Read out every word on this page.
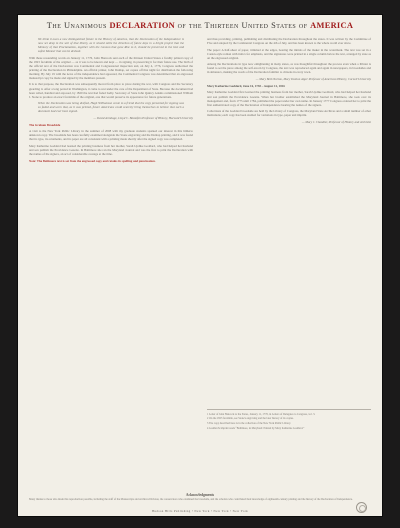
The Unanimous DECLARATION of the Thirteen United States of AMERICA

We think it owes a new distinguished fixture in the History of America, that the Declaration of the Independence is now set deep in the soil of that liberty, as it should settle the direction of future days in a bright project that the Memory of that Proclamation, together with the Cannon that gave Rise to it, should be preserved in the best and safest Manner that can be devised.

With these resounding words on January 11, 1776, John Hancock sent each of the thirteen United States a freshly printed copy of the 1823 facsimile of the original — as it was to be known and kept — in signing, in preserving it for their future use. The birth of the official text of the Declaration was Continental and Congressional inspection and, on July 4, 1776, Congress authorized the printing of the Declaration in Philadelphia. An official printer, John Dunlap, set copies off that night for distribution the following morning. By July 19 with the news of the independence had appeared, the Continental Congress was determined that an engrossed manuscript copy be made and signed by the members present.

It is to that purpose, the Declaration was subsequently moved from place to place during the war, with Congress and the Secretary guarding it. After a long period in Washington, it came to rest under the care of the Department of State. Because the document had been rolled, handled and exposed, by 1820 the text had faded badly. Secretary of State John Quincy Adams commissioned William J. Stone to produce an exact facsimile of the original, one that would preserve its appearance for future generations.

When the Declaration was being drafted, Hugh Williamson wrote to a friend that the copy presented for signing was so faded and worn that, as it was printed, future Americans could scarcely bring themselves to believe that such a document had ever been signed.

— David Armitage, Lloyd C. Blankfein Professor of History, Harvard University

The Graham Broadside

A visit to the New York Public Library in the summer of 2008 with my graduate students sparked our interest in this hitherto unknown copy. The broadside has been carefully examined alongside the Stone engraving and the Dunlap printing, and it was found that its type, its ornaments, and its paper are all consistent with a printing made shortly after the signed copy was completed.

Mary Katherine Goddard had learned the printing business from her mother, Sarah Updike Goddard, who had helped her husband and son publish the Providence Gazette. In Baltimore she ran the Maryland Journal and was the first to print the Declaration with the names of the signers, an act of considerable courage at the time.

Note: The Baltimore text is set from the engrossed copy and retains its spelling and punctuation.

and thus providing, printing, publishing and distributing the Declaration throughout the states. It was written by the Committee of Five and adopted by the Continental Congress on the 4th of July, and has been known to the whole world ever since.

The paper: A half-sheet of paper, trimmed at the edges, bearing the initials of the maker in the watermark. The text was set in a Caslon-style roman with italics for emphasis, and the signatures were printed in a single column below the text, arranged by state as on the engrossed original.

Among the Declarations in type now enlightening in many states, as was thoughtful throughout the process even when a Printer is found to set the piece among the self-sworn by Congress, the text was reproduced again and again in newspapers, in broadsides and in almanacs, making the words of the Declaration familiar to citizens in every town.

— Mary Beth Norton, Mary Donlon Alger Professor of American History, Cornell University

Mary Katherine Goddard, June 16, 1738 – August 12, 1816

Mary Katherine Goddard first learned the printing business from her mother, Sarah Updike Goddard, who had helped her husband and son publish the Providence Gazette. When her brother established the Maryland Journal in Baltimore, she took over its management and, from 1775 until 1784, published the paper under her own name. In January 1777 Congress ordered her to print the first authenticated copy of the Declaration of Independence bearing the names of the signers.

Collections of the Goddard broadside are held by the Library of Congress, the Maryland State Archives and a small number of other institutions; each copy has been studied for variations in type, paper and imprint.

— Mary J. Chandler, Professor of History and Archivist

1 Letter of John Hancock to the States, January 11, 1776, in Letters of Delegates to Congress, vol. 3.
2 On the 1823 facsimile, see Stone's engraving and the later history of its copies.
3 The copy described here is in the collection of the New York Public Library.
4 Goddard's imprint reads “Baltimore, in Maryland: Printed by Mary Katharine Goddard.”
Acknowledgments
Many thanks to those who made this reproduction possible, including the staff of the Manuscripts and Archives Division, the conservators who examined the broadside, and the scholars who contributed their knowledge of eighteenth-century printing and the history of the Declaration of Independence.
Hudson Hills Publishing • New York • New York • New York
